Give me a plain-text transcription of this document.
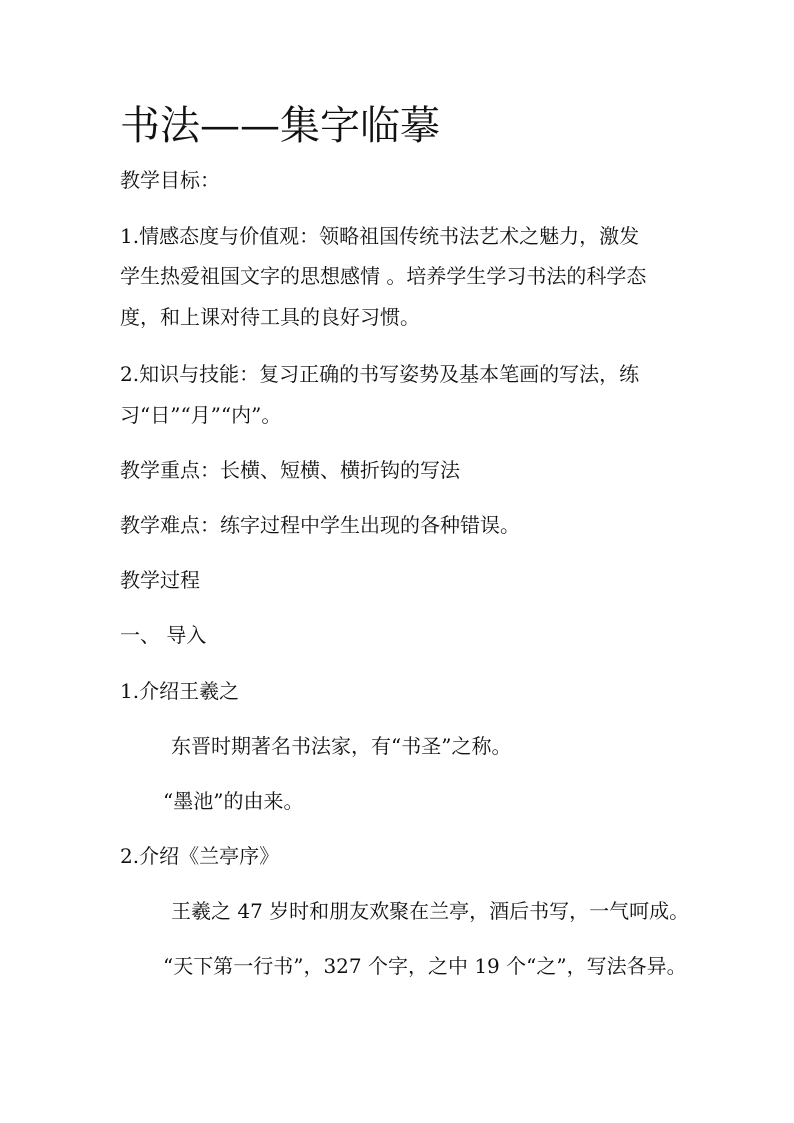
书法——集字临摹
教学目标：
1.情感态度与价值观：领略祖国传统书法艺术之魅力，激发
学生热爱祖国文字的思想感情 。培养学生学习书法的科学态
度，和上课对待工具的良好习惯。
2.知识与技能：复习正确的书写姿势及基本笔画的写法，练
习“日”“月”“内”。
教学重点：长横、短横、横折钩的写法
教学难点：练字过程中学生出现的各种错误。
教学过程
一、 导入
1.介绍王羲之
东晋时期著名书法家，有“书圣”之称。
“墨池”的由来。
2.介绍《兰亭序》
王羲之 47 岁时和朋友欢聚在兰亭，酒后书写，一气呵成。
“天下第一行书”，327 个字，之中 19 个“之”，写法各异。
